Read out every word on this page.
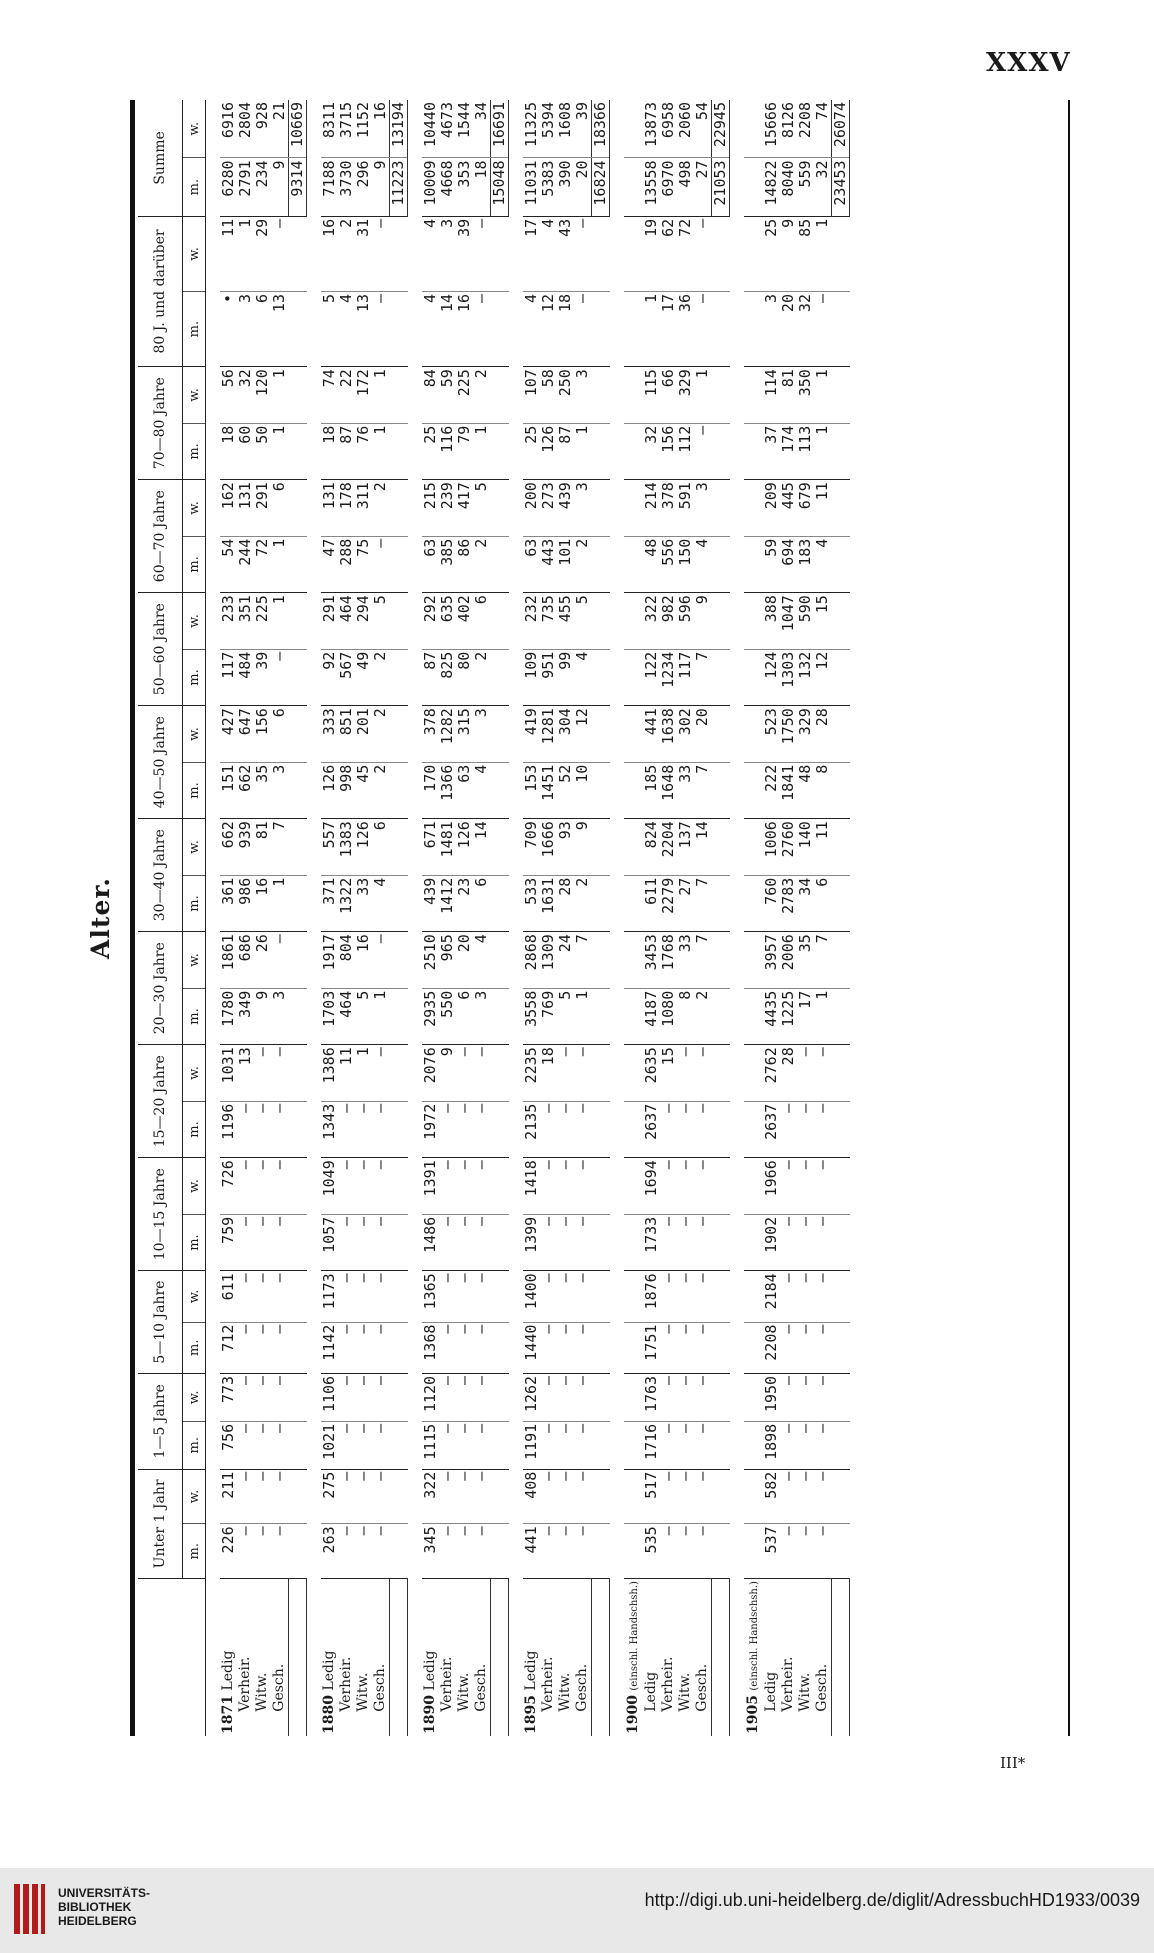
XXXV
Alter.
	Unter 1 Jahr		1—5 Jahre		5—10 Jahre		10—15 Jahre		15—20 Jahre		20—30 Jahre		30—40 Jahre		40—50 Jahre		50—60 Jahre		60—70 Jahre		70—80 Jahre		80 J. und darüber		Summe	
	m.	w.	m.	w.	m.	w.	m.	w.	m.	w.	m.	w.	m.	w.	m.	w.	m.	w.	m.	w.	m.	w.	m.	w.	m.	w.

1871 Ledig	226	211	756	773	712	611	759	726	1196	1031	1780	1861	361	662	151	427	117	233	54	162	18	56	•	11	6280	6916
Verheir.	—	—	—	—	—	—	—	—	—	13	349	686	986	939	662	647	484	351	244	131	60	32	3	1	2791	2804
Witw.	—	—	—	—	—	—	—	—	—	—	9	26	16	81	35	156	39	225	72	291	50	120	6	29	234	928
Gesch.	—	—	—	—	—	—	—	—	—	—	3	—	1	7	3	6	—	1	1	6	1	1	13	—	9	21
																									9314	10669

1880 Ledig	263	275	1021	1106	1142	1173	1057	1049	1343	1386	1703	1917	371	557	126	333	92	291	47	131	18	74	5	16	7188	8311
Verheir.	—	—	—	—	—	—	—	—	—	11	464	804	1322	1383	998	851	567	464	288	178	87	22	4	2	3730	3715
Witw.	—	—	—	—	—	—	—	—	—	1	5	16	33	126	45	201	49	294	75	311	76	172	13	31	296	1152
Gesch.	—	—	—	—	—	—	—	—	—	—	1	—	4	6	2	2	2	5	—	2	1	1	—	—	9	16
																									11223	13194

1890 Ledig	345	322	1115	1120	1368	1365	1486	1391	1972	2076	2935	2510	439	671	170	378	87	292	63	215	25	84	4	4	10009	10440
Verheir.	—	—	—	—	—	—	—	—	—	9	550	965	1412	1481	1366	1282	825	635	385	239	116	59	14	3	4668	4673
Witw.	—	—	—	—	—	—	—	—	—	—	6	20	23	126	63	315	80	402	86	417	79	225	16	39	353	1544
Gesch.	—	—	—	—	—	—	—	—	—	—	3	4	6	14	4	3	2	6	2	5	1	2	—	—	18	34
																									15048	16691

1895 Ledig	441	408	1191	1262	1440	1400	1399	1418	2135	2235	3558	2868	533	709	153	419	109	232	63	200	25	107	4	17	11031	11325
Verheir.	—	—	—	—	—	—	—	—	—	18	769	1309	1631	1666	1451	1281	951	735	443	273	126	58	12	4	5383	5394
Witw.	—	—	—	—	—	—	—	—	—	—	5	24	28	93	52	304	99	455	101	439	87	250	18	43	390	1608
Gesch.	—	—	—	—	—	—	—	—	—	—	1	7	2	9	10	12	4	5	2	3	1	3	—	—	20	39
																									16824	18366

1900 (einschl. Handschsh.)																										
Ledig	535	517	1716	1763	1751	1876	1733	1694	2637	2635	4187	3453	611	824	185	441	122	322	48	214	32	115	1	19	13558	13873
Verheir.	—	—	—	—	—	—	—	—	—	15	1080	1768	2279	2204	1648	1638	1234	982	556	378	156	66	17	62	6970	6958
Witw.	—	—	—	—	—	—	—	—	—	—	8	33	27	137	33	302	117	596	150	591	112	329	36	72	498	2060
Gesch.	—	—	—	—	—	—	—	—	—	—	2	7	7	14	7	20	7	9	4	3	—	1	—	—	27	54
																									21053	22945

1905 (einschl. Handschsh.)																										
Ledig	537	582	1898	1950	2208	2184	1902	1966	2637	2762	4435	3957	760	1006	222	523	124	388	59	209	37	114	3	25	14822	15666
Verheir.	—	—	—	—	—	—	—	—	—	28	1225	2006	2783	2760	1841	1750	1303	1047	694	445	174	81	20	9	8040	8126
Witw.	—	—	—	—	—	—	—	—	—	—	17	35	34	140	48	329	132	590	183	679	113	350	32	85	559	2208
Gesch.	—	—	—	—	—	—	—	—	—	—	1	7	6	11	8	28	12	15	4	11	1	1	—	1	32	74
																									23453	26074
III*
UNIVERSITÄTS-
BIBLIOTHEK
HEIDELBERG
http://digi.ub.uni-heidelberg.de/diglit/AdressbuchHD1933/0039
